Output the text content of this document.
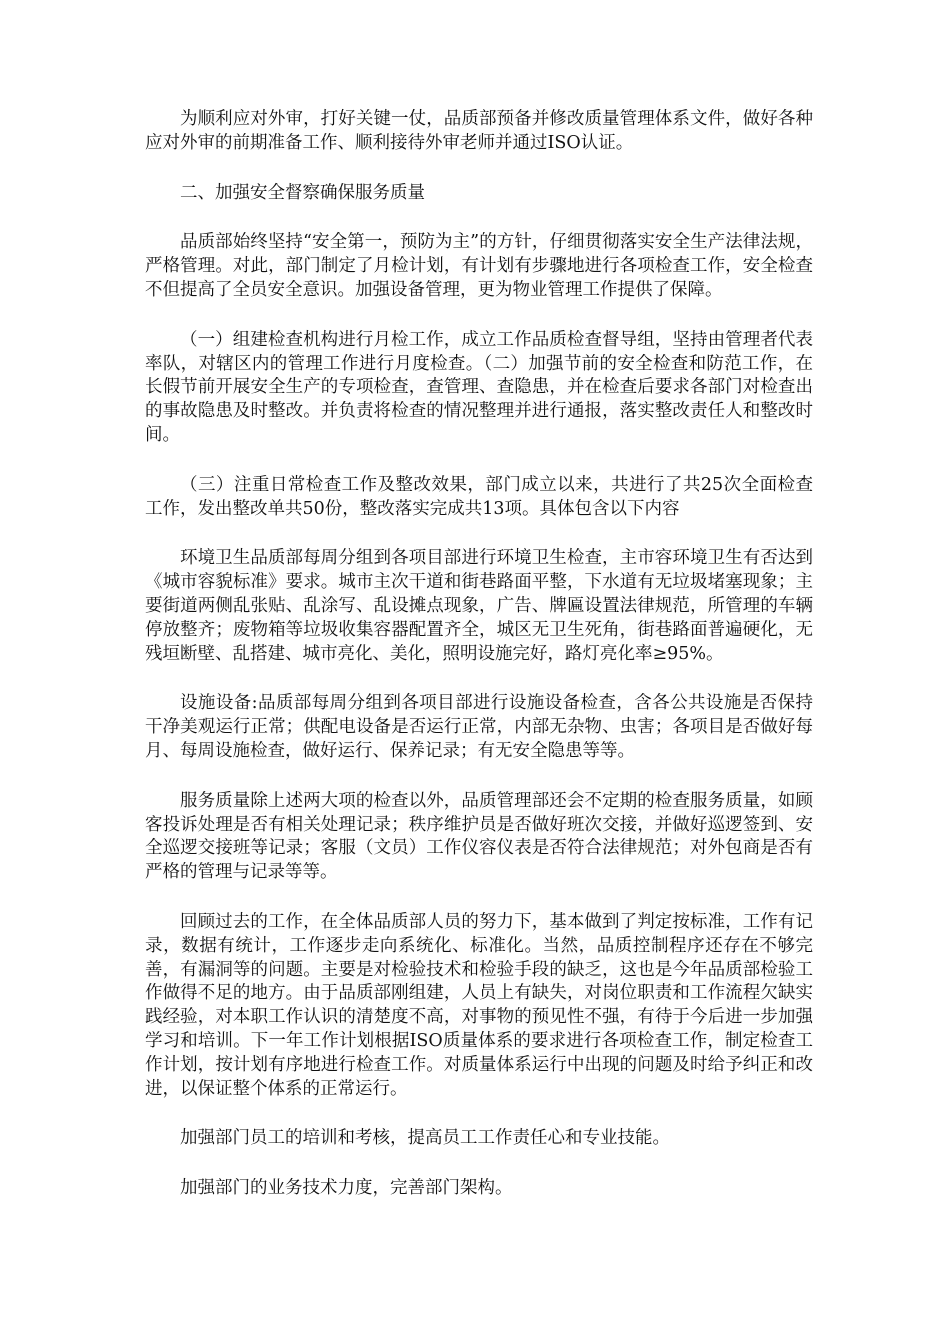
为顺利应对外审，打好关键一仗，品质部预备并修改质量管理体系文件，做好各种应对外审的前期准备工作、顺利接待外审老师并通过ISO认证。

二、加强安全督察确保服务质量

品质部始终坚持“安全第一，预防为主”的方针，仔细贯彻落实安全生产法律法规，严格管理。对此，部门制定了月检计划，有计划有步骤地进行各项检查工作，安全检查不但提高了全员安全意识。加强设备管理，更为物业管理工作提供了保障。

（一）组建检查机构进行月检工作，成立工作品质检查督导组，坚持由管理者代表率队，对辖区内的管理工作进行月度检查。（二）加强节前的安全检查和防范工作，在长假节前开展安全生产的专项检查，查管理、查隐患，并在检查后要求各部门对检查出的事故隐患及时整改。并负责将检查的情况整理并进行通报，落实整改责任人和整改时间。

（三）注重日常检查工作及整改效果，部门成立以来，共进行了共25次全面检查工作，发出整改单共50份，整改落实完成共13项。具体包含以下内容

环境卫生品质部每周分组到各项目部进行环境卫生检查，主市容环境卫生有否达到《城市容貌标准》要求。城市主次干道和街巷路面平整，下水道有无垃圾堵塞现象；主要街道两侧乱张贴、乱涂写、乱设摊点现象，广告、牌匾设置法律规范，所管理的车辆停放整齐；废物箱等垃圾收集容器配置齐全，城区无卫生死角，街巷路面普遍硬化，无残垣断壁、乱搭建、城市亮化、美化，照明设施完好，路灯亮化率≥95%。

设施设备:品质部每周分组到各项目部进行设施设备检查，含各公共设施是否保持干净美观运行正常；供配电设备是否运行正常，内部无杂物、虫害；各项目是否做好每月、每周设施检查，做好运行、保养记录；有无安全隐患等等。

服务质量除上述两大项的检查以外，品质管理部还会不定期的检查服务质量，如顾客投诉处理是否有相关处理记录；秩序维护员是否做好班次交接，并做好巡逻签到、安全巡逻交接班等记录；客服（文员）工作仪容仪表是否符合法律规范；对外包商是否有严格的管理与记录等等。

回顾过去的工作，在全体品质部人员的努力下，基本做到了判定按标准，工作有记录，数据有统计，工作逐步走向系统化、标准化。当然，品质控制程序还存在不够完善，有漏洞等的问题。主要是对检验技术和检验手段的缺乏，这也是今年品质部检验工作做得不足的地方。由于品质部刚组建，人员上有缺失，对岗位职责和工作流程欠缺实践经验，对本职工作认识的清楚度不高，对事物的预见性不强，有待于今后进一步加强学习和培训。下一年工作计划根据ISO质量体系的要求进行各项检查工作，制定检查工作计划，按计划有序地进行检查工作。对质量体系运行中出现的问题及时给予纠正和改进，以保证整个体系的正常运行。

加强部门员工的培训和考核，提高员工工作责任心和专业技能。

加强部门的业务技术力度，完善部门架构。
